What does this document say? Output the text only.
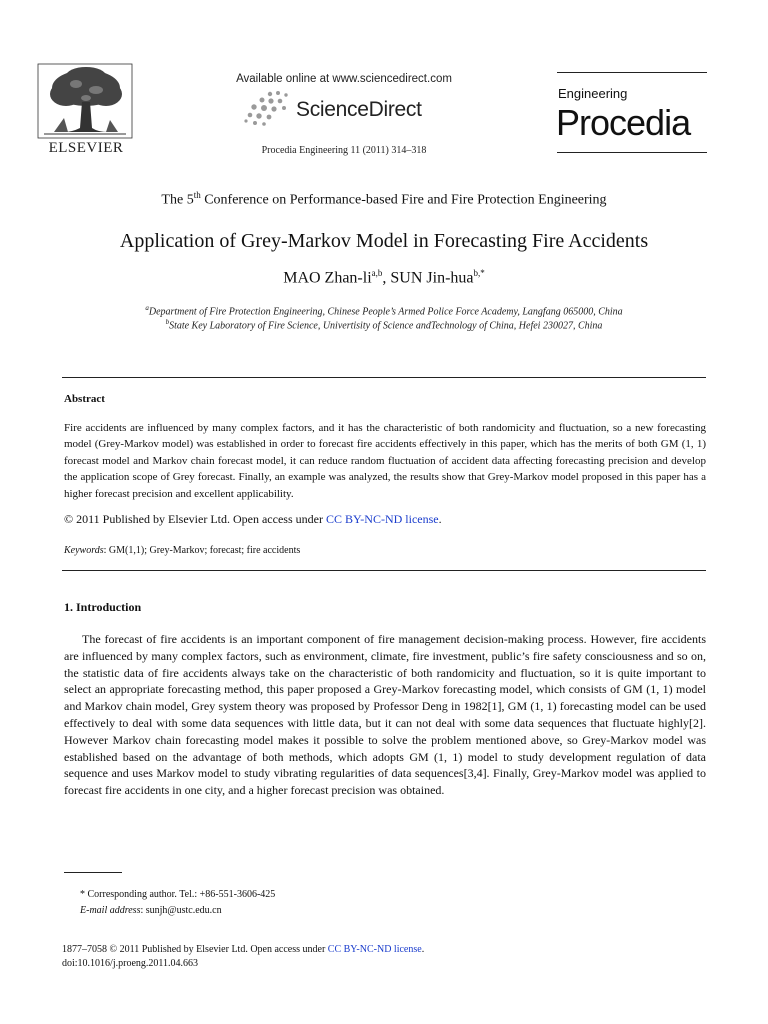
ELSEVIER
Available online at www.sciencedirect.com
ScienceDirect
Procedia Engineering 11 (2011) 314–318
Engineering
Procedia
The 5th Conference on Performance-based Fire and Fire Protection Engineering
Application of Grey-Markov Model in Forecasting Fire Accidents
MAO Zhan-li$^{a,b}$, SUN Jin-hua$^{b,*}$
$^a$Department of Fire Protection Engineering, Chinese People’s Armed Police Force Academy, Langfang 065000, China
$^b$State Key Laboratory of Fire Science, Univertisity of Science andTechnology of China, Hefei 230027, China
Abstract
Fire accidents are influenced by many complex factors, and it has the characteristic of both randomicity and fluctuation, so a new forecasting model (Grey-Markov model) was established in order to forecast fire accidents effectively in this paper, which has the merits of both GM (1, 1) forecast model and Markov chain forecast model, it can reduce random fluctuation of accident data affecting forecasting precision and develop the application scope of Grey forecast. Finally, an example was analyzed, the results show that Grey-Markov model proposed in this paper has a higher forecast precision and excellent applicability.
© 2011 Published by Elsevier Ltd. Open access under CC BY-NC-ND license.
Keywords: GM(1,1); Grey-Markov; forecast; fire accidents
1. Introduction
The forecast of fire accidents is an important component of fire management decision-making process. However, fire accidents are influenced by many complex factors, such as environment, climate, fire investment, public’s fire safety consciousness and so on, the statistic data of fire accidents always take on the characteristic of both randomicity and fluctuation, so it is quite important to select an appropriate forecasting method, this paper proposed a Grey-Markov forecasting model, which consists of GM (1, 1) model and Markov chain model, Grey system theory was proposed by Professor Deng in 1982[1], GM (1, 1) forecasting model can be used effectively to deal with some data sequences with little data, but it can not deal with some data sequences that fluctuate highly[2]. However Markov chain forecasting model makes it possible to solve the problem mentioned above, so Grey-Markov model was established based on the advantage of both methods, which adopts GM (1, 1) model to study development regulation of data sequence and uses Markov model to study vibrating regularities of data sequences[3,4]. Finally, Grey-Markov model was applied to forecast fire accidents in one city, and a higher forecast precision was obtained.
* Corresponding author. Tel.: +86-551-3606-425
E-mail address: sunjh@ustc.edu.cn
1877–7058 © 2011 Published by Elsevier Ltd. Open access under CC BY-NC-ND license.
doi:10.1016/j.proeng.2011.04.663
